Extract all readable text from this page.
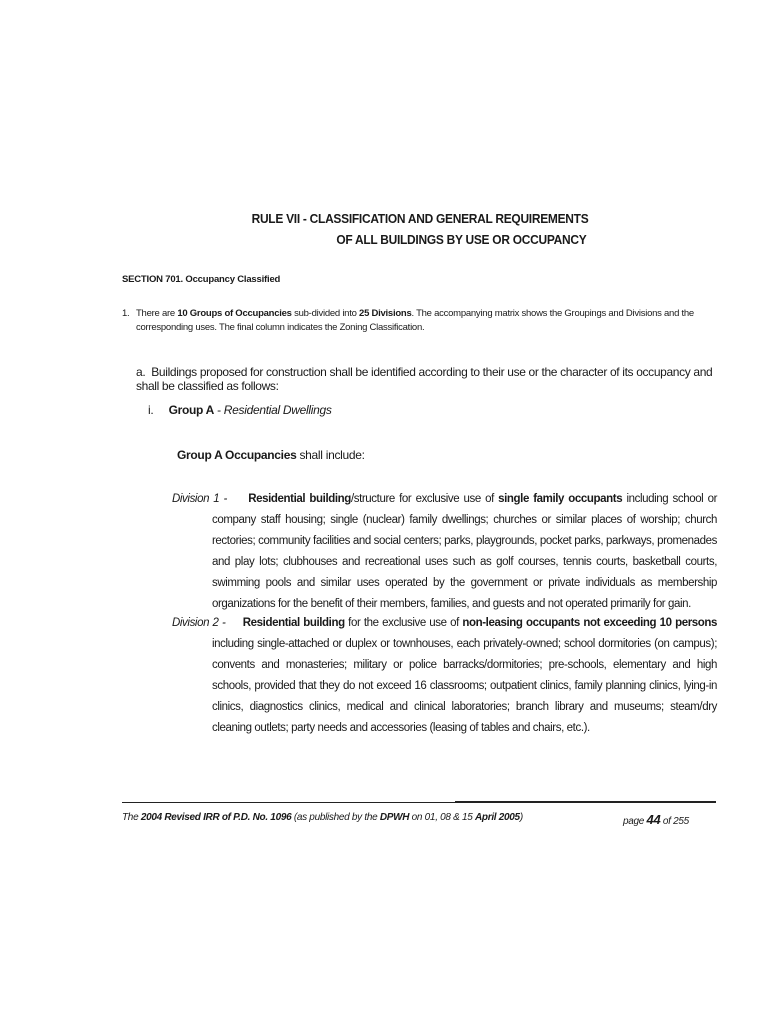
RULE VII - CLASSIFICATION AND GENERAL REQUIREMENTS
OF ALL BUILDINGS BY USE OR OCCUPANCY
SECTION 701. Occupancy Classified
1. There are 10 Groups of Occupancies sub-divided into 25 Divisions. The accompanying matrix shows the Groupings and Divisions and the corresponding uses. The final column indicates the Zoning Classification.
a. Buildings proposed for construction shall be identified according to their use or the character of its occupancy and shall be classified as follows:
i. Group A - Residential Dwellings
Group A Occupancies shall include:
Division 1 - Residential building/structure for exclusive use of single family occupants including school or company staff housing; single (nuclear) family dwellings; churches or similar places of worship; church rectories; community facilities and social centers; parks, playgrounds, pocket parks, parkways, promenades and play lots; clubhouses and recreational uses such as golf courses, tennis courts, basketball courts, swimming pools and similar uses operated by the government or private individuals as membership organizations for the benefit of their members, families, and guests and not operated primarily for gain.
Division 2 - Residential building for the exclusive use of non-leasing occupants not exceeding 10 persons including single-attached or duplex or townhouses, each privately-owned; school dormitories (on campus); convents and monasteries; military or police barracks/dormitories; pre-schools, elementary and high schools, provided that they do not exceed 16 classrooms; outpatient clinics, family planning clinics, lying-in clinics, diagnostics clinics, medical and clinical laboratories; branch library and museums; steam/dry cleaning outlets; party needs and accessories (leasing of tables and chairs, etc.).
The 2004 Revised IRR of P.D. No. 1096 (as published by the DPWH on 01, 08 & 15 April 2005)	page 44 of 255
